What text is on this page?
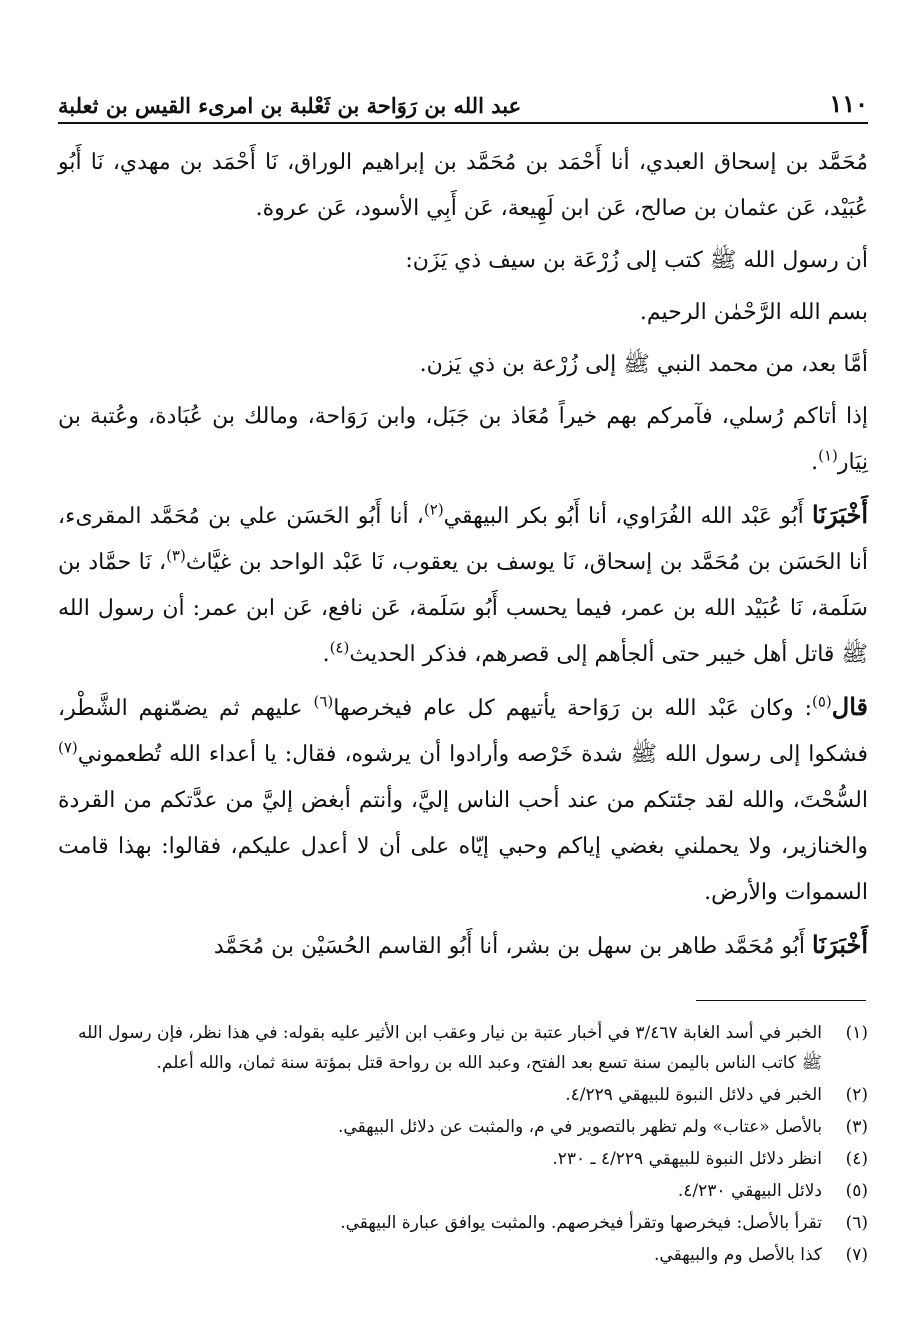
١١٠
عبد الله بن رَوَاحة بن ثَعْلبة بن امرىء القيس بن ثعلبة

مُحَمَّد بن إسحاق العبدي، أنا أَحْمَد بن مُحَمَّد بن إبراهيم الوراق، نَا أَحْمَد بن مهدي، نَا أَبُو عُبَيْد، عَن عثمان بن صالح، عَن ابن لَهِيعة، عَن أَبِي الأسود، عَن عروة.

أن رسول الله ﷺ كتب إلى زُرْعَة بن سيف ذي يَزَن:

بسم الله الرَّحْمٰن الرحيم.

أمَّا بعد، من محمد النبي ﷺ إلى زُرْعة بن ذي يَزن.

إذا أتاكم رُسلي، فآمركم بهم خيراً مُعَاذ بن جَبَل، وابن رَوَاحة، ومالك بن عُبَادة، وعُتبة بن نِيَار$^{(١)}$.

أَخْبَرَنَا أَبُو عَبْد الله الفُرَاوي، أنا أَبُو بكر البيهقي$^{(٢)}$، أنا أَبُو الحَسَن علي بن مُحَمَّد المقرىء، أنا الحَسَن بن مُحَمَّد بن إسحاق، نَا يوسف بن يعقوب، نَا عَبْد الواحد بن غيَّاث$^{(٣)}$، نَا حمَّاد بن سَلَمة، نَا عُبَيْد الله بن عمر، فيما يحسب أَبُو سَلَمة، عَن نافع، عَن ابن عمر: أن رسول الله ﷺ قاتل أهل خيبر حتى ألجأهم إلى قصرهم، فذكر الحديث$^{(٤)}$.

قال$^{(٥)}$: وكان عَبْد الله بن رَوَاحة يأتيهم كل عام فيخرصها$^{(٦)}$ عليهم ثم يضمّنهم الشَّطْر، فشكوا إلى رسول الله ﷺ شدة خَرْصه وأرادوا أن يرشوه، فقال: يا أعداء الله تُطعموني$^{(٧)}$ السُّحْتَ، والله لقد جئتكم من عند أحب الناس إليَّ، وأنتم أبغض إليَّ من عدَّتكم من القردة والخنازير، ولا يحملني بغضي إياكم وحبي إيّاه على أن لا أعدل عليكم، فقالوا: بهذا قامت السموات والأرض.

أَخْبَرَنَا أَبُو مُحَمَّد طاهر بن سهل بن بشر، أنا أَبُو القاسم الحُسَيْن بن مُحَمَّد

(١)
الخبر في أسد الغابة ٣/٤٦٧ في أخبار عتبة بن نيار وعقب ابن الأثير عليه بقوله: في هذا نظر، فإن رسول الله ﷺ كاتب الناس باليمن سنة تسع بعد الفتح، وعبد الله بن رواحة قتل بمؤتة سنة ثمان، والله أعلم.
(٢)
الخبر في دلائل النبوة للبيهقي ٤/٢٢٩.
(٣)
بالأصل «عتاب» ولم تظهر بالتصوير في م، والمثبت عن دلائل البيهقي.
(٤)
انظر دلائل النبوة للبيهقي ٤/٢٢٩ ـ ٢٣٠.
(٥)
دلائل البيهقي ٤/٢٣٠.
(٦)
تقرأ بالأصل: فيخرصها وتقرأ فيخرصهم. والمثبت يوافق عبارة البيهقي.
(٧)
كذا بالأصل وم والبيهقي.
